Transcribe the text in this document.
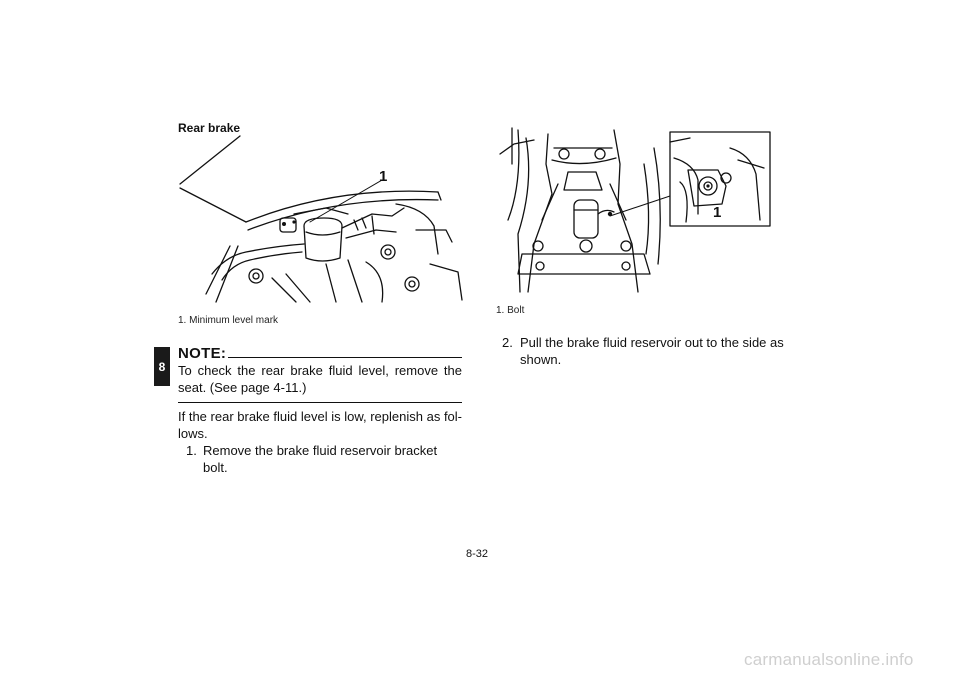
8
Rear brake
1
1. Minimum level mark
NOTE:
To check the rear brake fluid level, remove the seat. (See page 4-11.)
If the rear brake fluid level is low, replenish as fol-lows.
1. Remove the brake fluid reservoir bracket bolt.
1
1. Bolt
2. Pull the brake fluid reservoir out to the side as shown.
8-32
carmanualsonline.info
